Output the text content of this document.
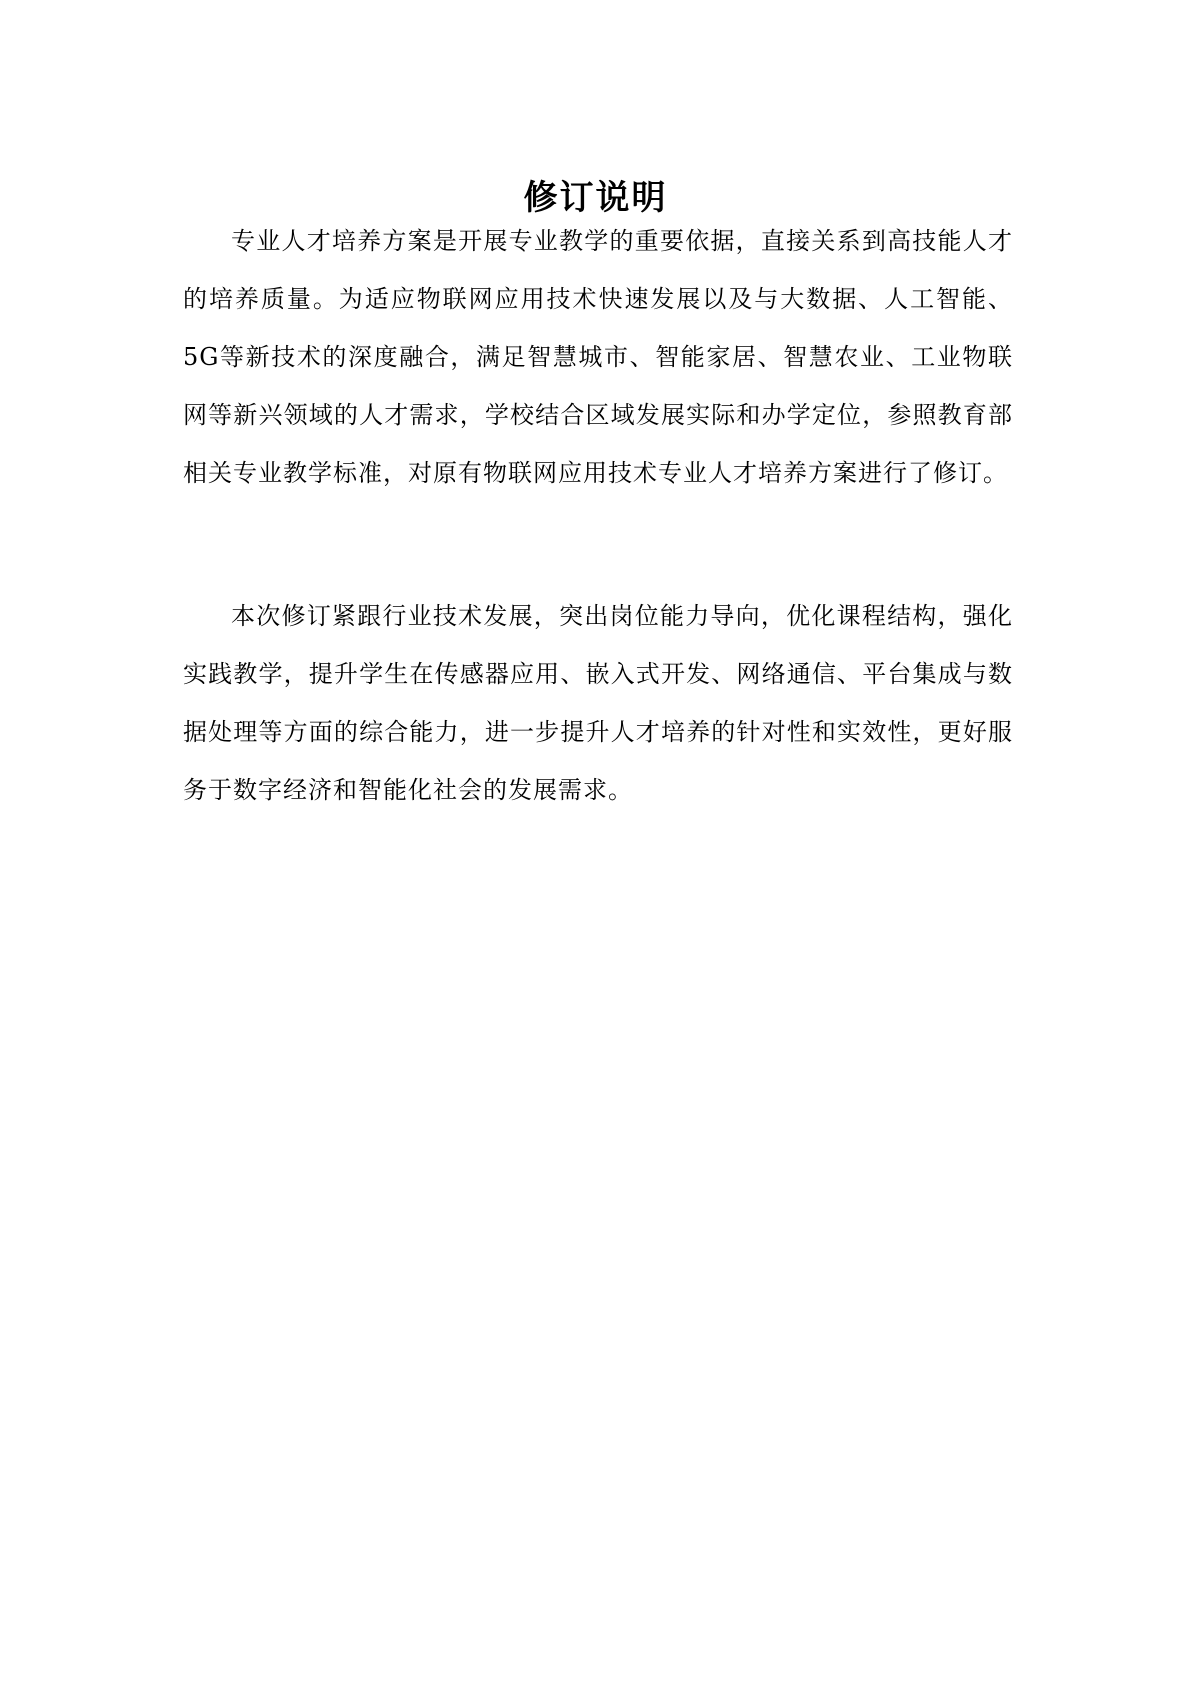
修订说明

专业人才培养方案是开展专业教学的重要依据，直接关系到高技能人才的培养质量。为适应物联网应用技术快速发展以及与大数据、人工智能、5G等新技术的深度融合，满足智慧城市、智能家居、智慧农业、工业物联网等新兴领域的人才需求，学校结合区域发展实际和办学定位，参照教育部相关专业教学标准，对原有物联网应用技术专业人才培养方案进行了修订。

本次修订紧跟行业技术发展，突出岗位能力导向，优化课程结构，强化实践教学，提升学生在传感器应用、嵌入式开发、网络通信、平台集成与数据处理等方面的综合能力，进一步提升人才培养的针对性和实效性，更好服务于数字经济和智能化社会的发展需求。
